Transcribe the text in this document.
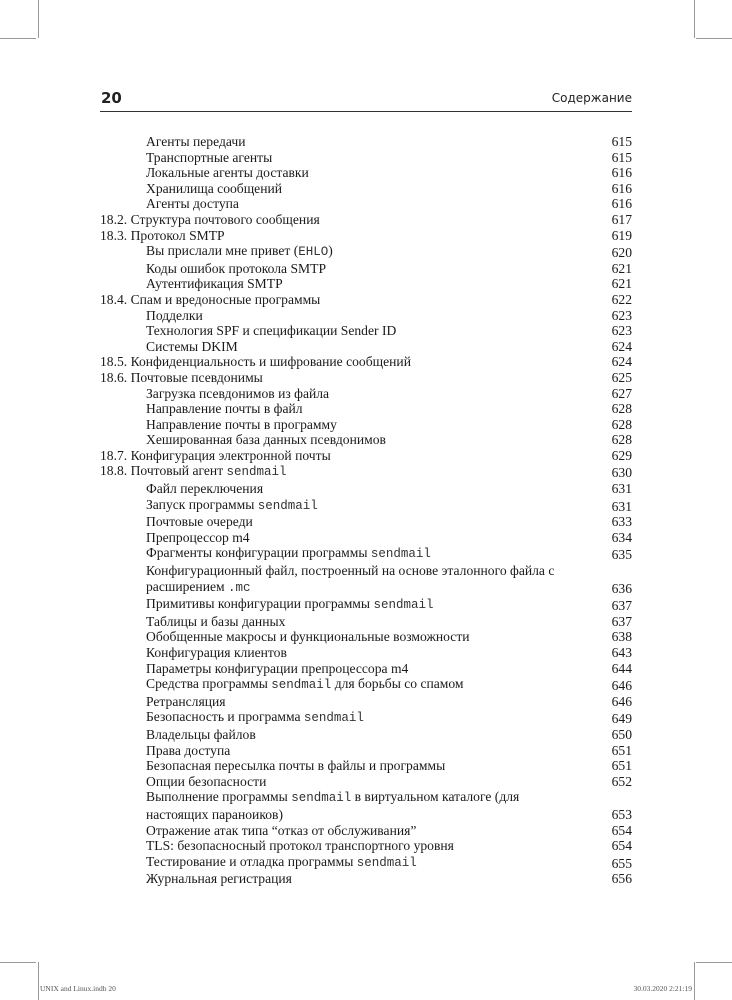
20	Содержание
Агенты передачи	615
Транспортные агенты	615
Локальные агенты доставки	616
Хранилища сообщений	616
Агенты доступа	616
18.2. Структура почтового сообщения	617
18.3. Протокол SMTP	619
Вы прислали мне привет (EHLO)	620
Коды ошибок протокола SMTP	621
Аутентификация SMTP	621
18.4. Спам и вредоносные программы	622
Подделки	623
Технология SPF и спецификации Sender ID	623
Системы DKIM	624
18.5. Конфиденциальность и шифрование сообщений	624
18.6. Почтовые псевдонимы	625
Загрузка псевдонимов из файла	627
Направление почты в файл	628
Направление почты в программу	628
Хешированная база данных псевдонимов	628
18.7. Конфигурация электронной почты	629
18.8. Почтовый агент sendmail	630
Файл переключения	631
Запуск программы sendmail	631
Почтовые очереди	633
Препроцессор m4	634
Фрагменты конфигурации программы sendmail	635
Конфигурационный файл, построенный на основе эталонного файла с расширением .mc	636
Примитивы конфигурации программы sendmail	637
Таблицы и базы данных	637
Обобщенные макросы и функциональные возможности	638
Конфигурация клиентов	643
Параметры конфигурации препроцессора m4	644
Средства программы sendmail для борьбы со спамом	646
Ретрансляция	646
Безопасность и программа sendmail	649
Владельцы файлов	650
Права доступа	651
Безопасная пересылка почты в файлы и программы	651
Опции безопасности	652
Выполнение программы sendmail в виртуальном каталоге (для настоящих параноиков)	653
Отражение атак типа “отказ от обслуживания”	654
TLS: безопасносный протокол транспортного уровня	654
Тестирование и отладка программы sendmail	655
Журнальная регистрация	656
UNIX and Linux.indb 20	30.03.2020 2:21:19
